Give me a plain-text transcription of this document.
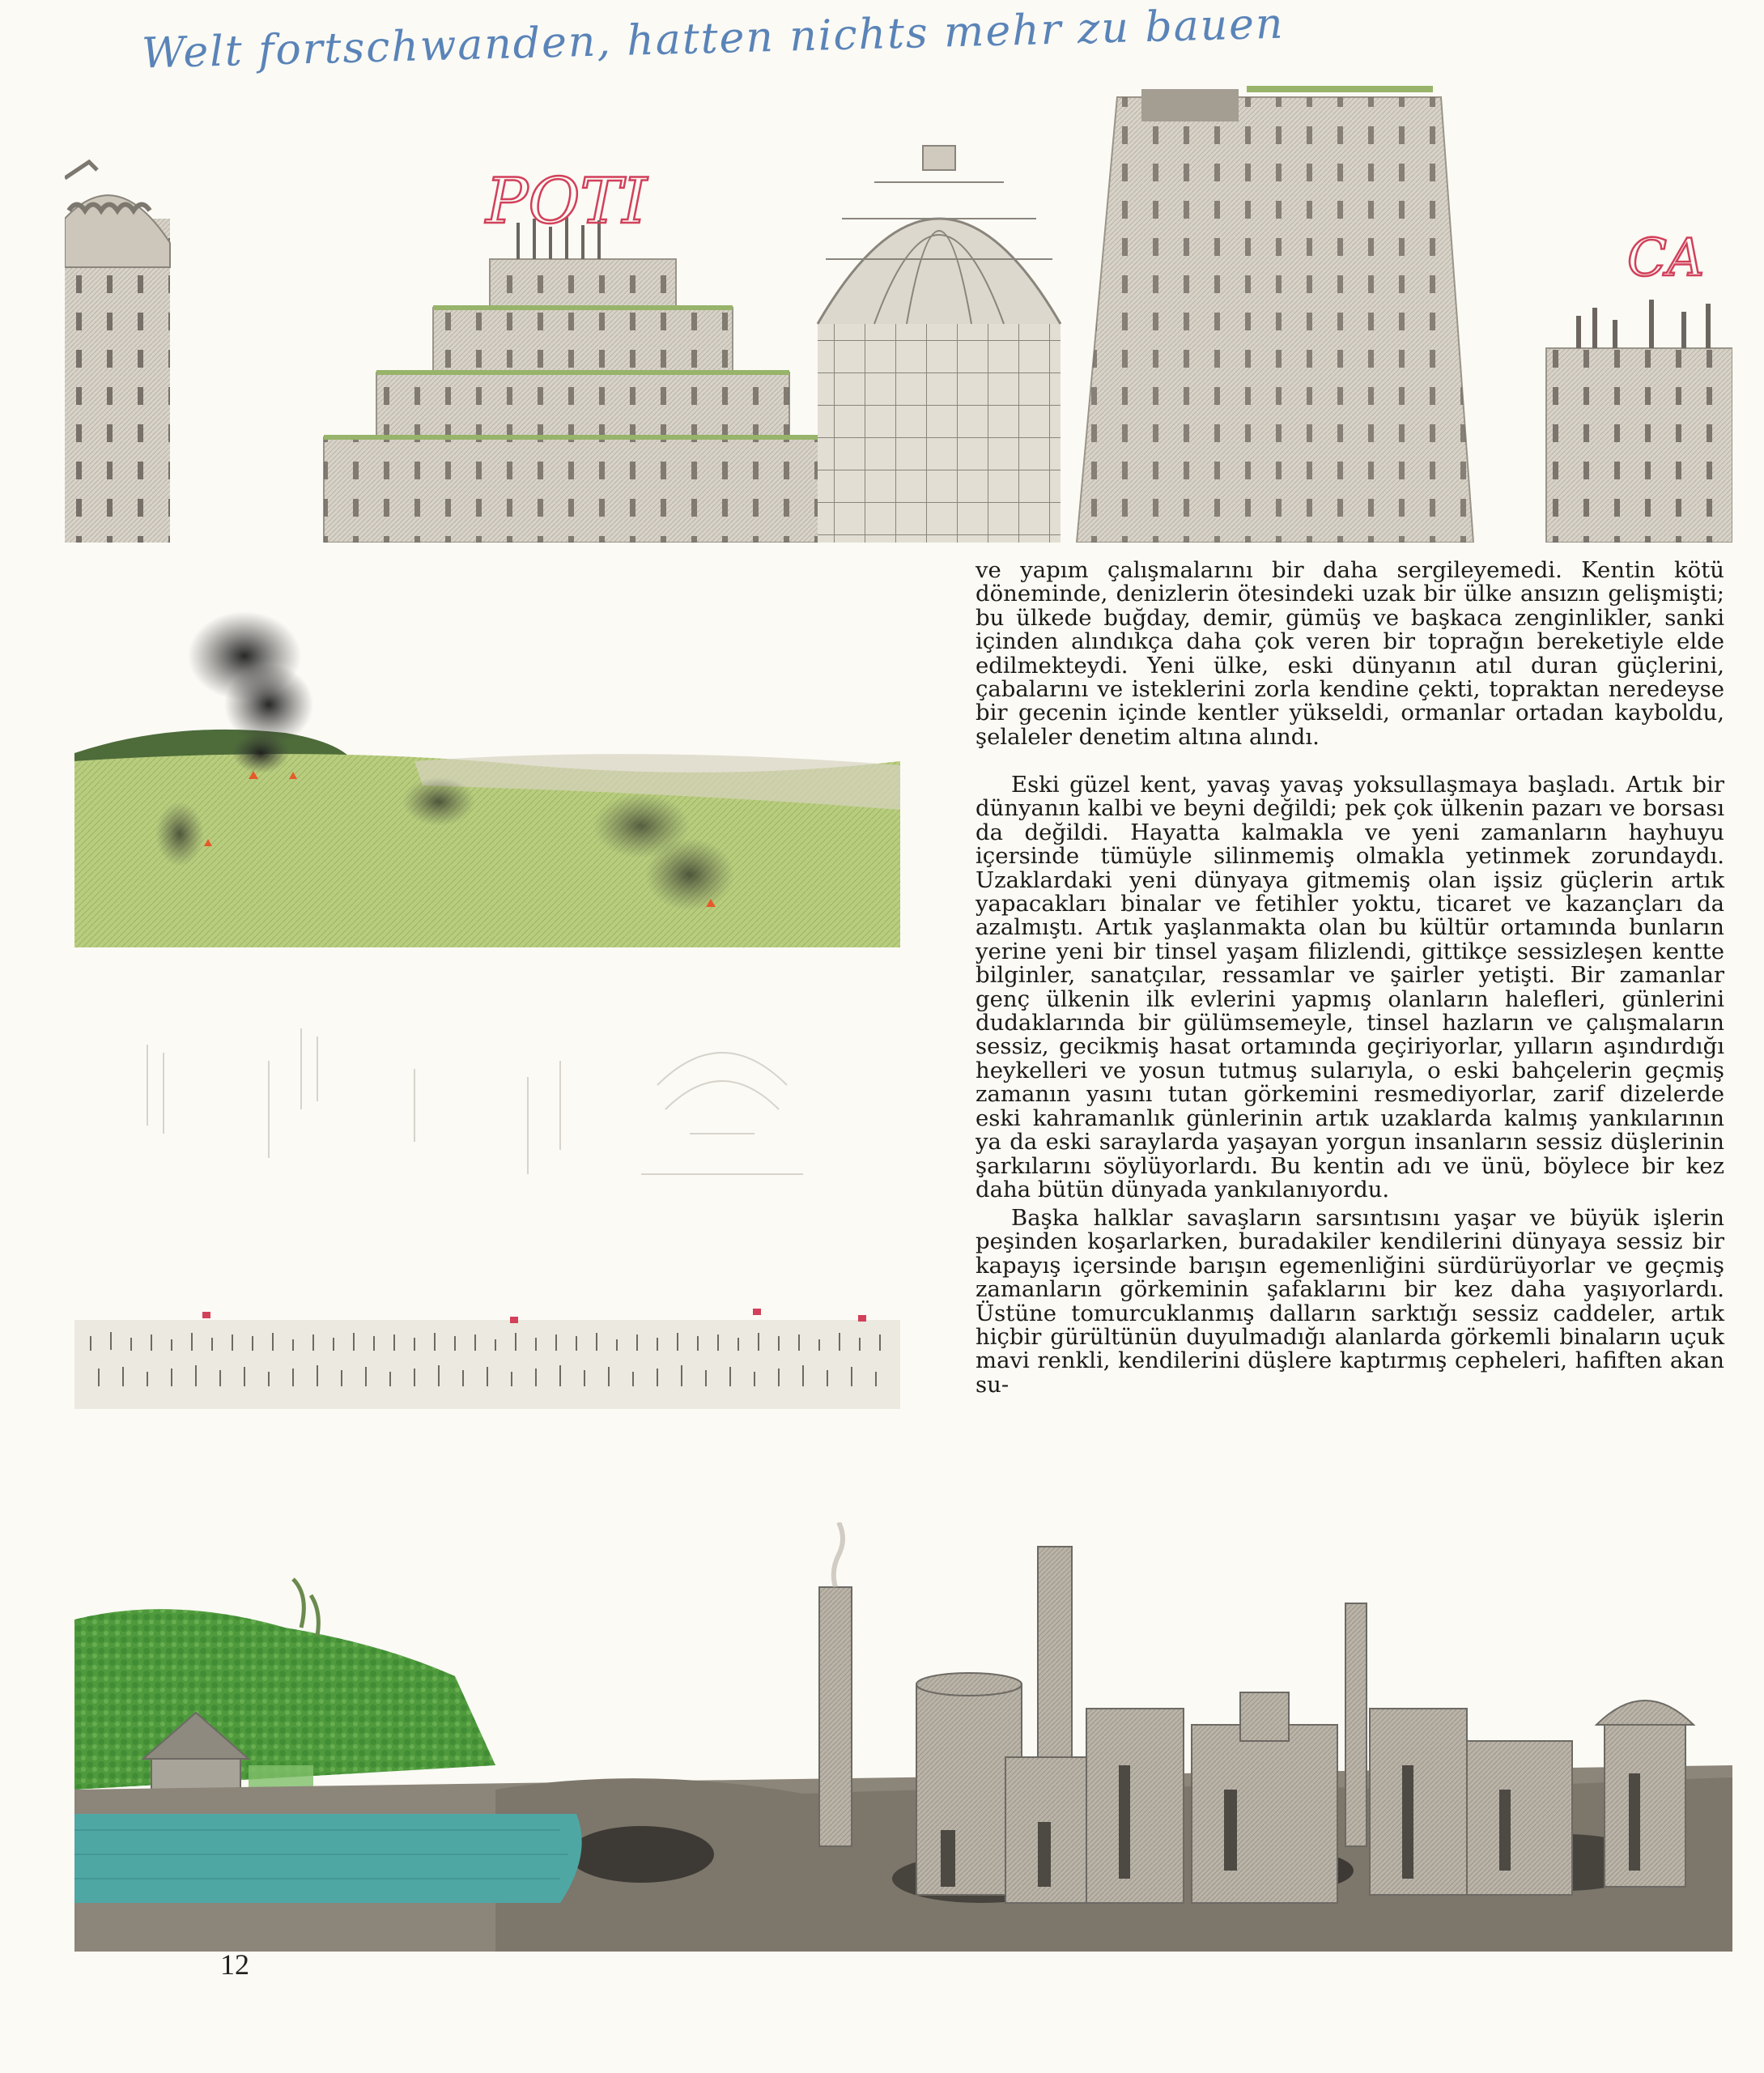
Welt fortschwanden, hatten nichts mehr zu bauen
POTI
CA

ve yapım çalışmalarını bir daha sergileyemedi. Kentin kötü döneminde, denizlerin ötesindeki uzak bir ülke ansızın gelişmişti; bu ülkede buğday, demir, gümüş ve başkaca zenginlikler, sanki içinden alındıkça daha çok veren bir toprağın bereketiyle elde edilmekteydi. Yeni ülke, eski dünyanın atıl duran güçlerini, çabalarını ve isteklerini zorla kendine çekti, topraktan neredeyse bir gecenin içinde kentler yükseldi, ormanlar ortadan kayboldu, şelaleler denetim altına alındı.

Eski güzel kent, yavaş yavaş yoksullaşmaya başladı. Artık bir dünyanın kalbi ve beyni değildi; pek çok ülkenin pazarı ve borsası da değildi. Hayatta kalmakla ve yeni zamanların hayhuyu içersinde tümüyle silinmemiş olmakla yetinmek zorundaydı. Uzaklardaki yeni dünyaya gitmemiş olan işsiz güçlerin artık yapacakları binalar ve fetihler yoktu, ticaret ve kazançları da azalmıştı. Artık yaşlanmakta olan bu kültür ortamında bunların yerine yeni bir tinsel yaşam filizlendi, gittikçe sessizleşen kentte bilginler, sanatçılar, ressamlar ve şairler yetişti. Bir zamanlar genç ülkenin ilk evlerini yapmış olanların halefleri, günlerini dudaklarında bir gülümsemeyle, tinsel hazların ve çalışmaların sessiz, gecikmiş hasat ortamında geçiriyorlar, yılların aşındırdığı heykelleri ve yosun tutmuş sularıyla, o eski bahçelerin geçmiş zamanın yasını tutan görkemini resmediyorlar, zarif dizelerde eski kahramanlık günlerinin artık uzaklarda kalmış yankılarının ya da eski saraylarda yaşayan yorgun insanların sessiz düşlerinin şarkılarını söylüyorlardı. Bu kentin adı ve ünü, böylece bir kez daha bütün dünyada yankılanıyordu.

Başka halklar savaşların sarsıntısını yaşar ve büyük işlerin peşinden koşarlarken, buradakiler kendilerini dünyaya sessiz bir kapayış içersinde barışın egemenliğini sürdürüyorlar ve geçmiş zamanların görkeminin şafaklarını bir kez daha yaşıyorlardı. Üstüne tomurcuklanmış dalların sarktığı sessiz caddeler, artık hiçbir gürültünün duyulmadığı alanlarda görkemli binaların uçuk mavi renkli, kendilerini düşlere kaptırmış cepheleri, hafiften akan su-

12
